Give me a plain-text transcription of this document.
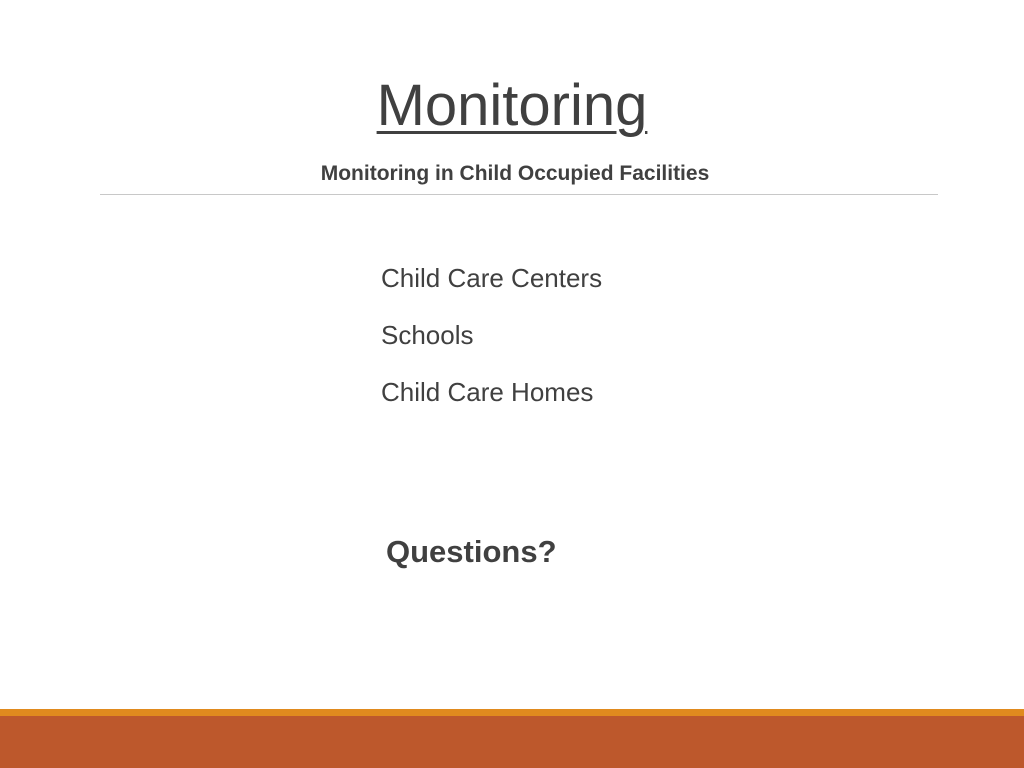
Monitoring
Monitoring in Child Occupied Facilities
Child Care Centers
Schools
Child Care Homes
Questions?
